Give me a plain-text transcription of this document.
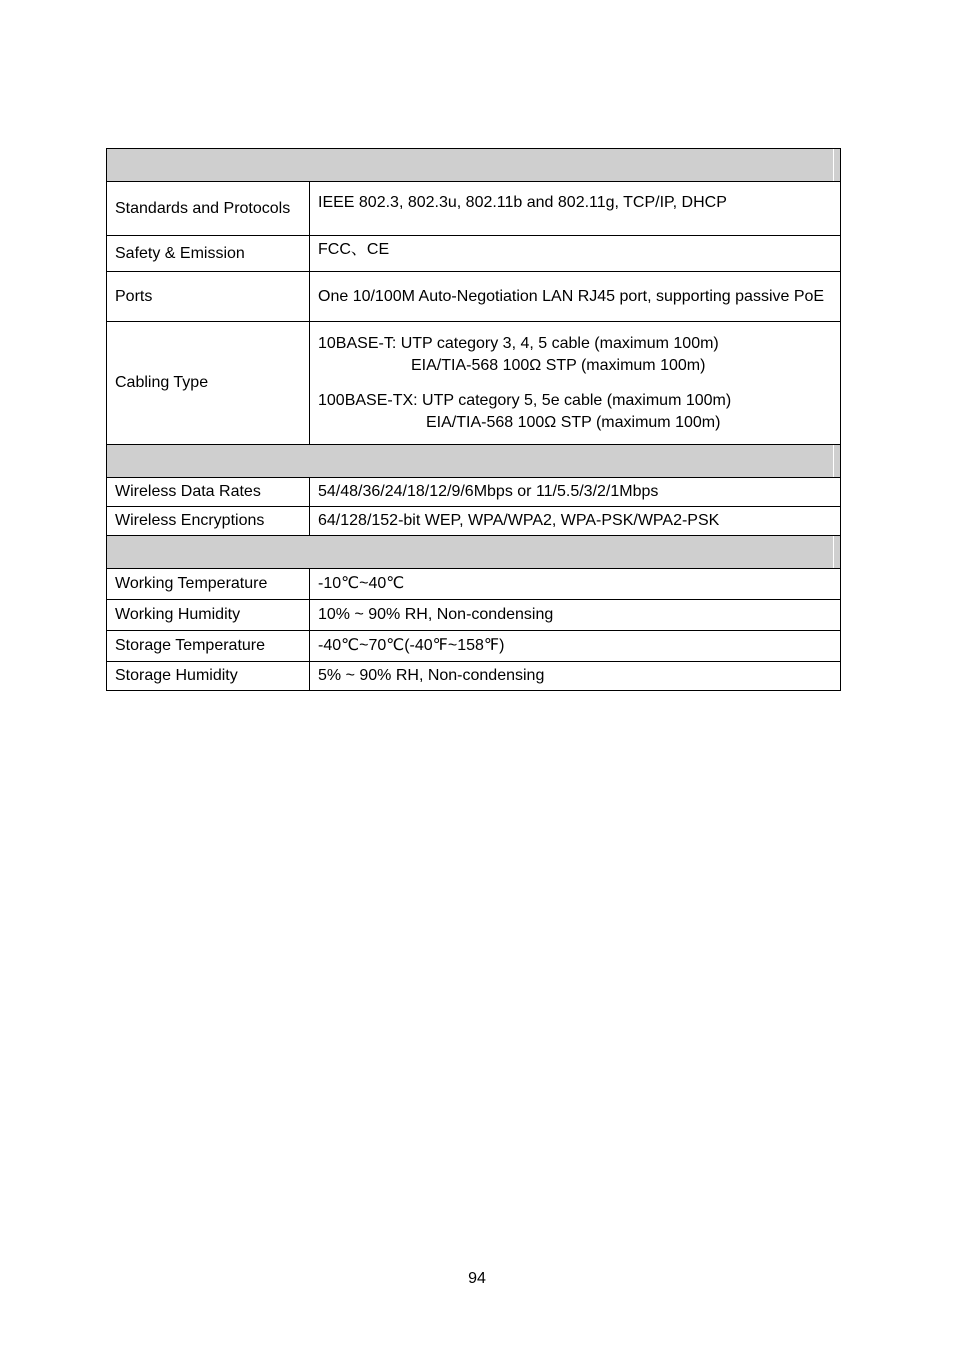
Standards and Protocols	IEEE 802.3, 802.3u, 802.11b and 802.11g, TCP/IP, DHCP
Safety & Emission	FCC、CE
Ports	One 10/100M Auto-Negotiation LAN RJ45 port, supporting passive PoE
Cabling Type	10BASE-T: UTP category 3, 4, 5 cable (maximum 100m)
EIA/TIA-568 100Ω STP (maximum 100m)
100BASE-TX: UTP category 5, 5e cable (maximum 100m)
EIA/TIA-568 100Ω STP (maximum 100m)

Wireless Data Rates	54/48/36/24/18/12/9/6Mbps or 11/5.5/3/2/1Mbps
Wireless Encryptions	64/128/152-bit WEP, WPA/WPA2, WPA-PSK/WPA2-PSK

Working Temperature	-10℃~40℃
Working Humidity	10% ~ 90% RH, Non-condensing
Storage Temperature	-40℃~70℃(-40℉~158℉)
Storage Humidity	5% ~ 90% RH, Non-condensing
94
